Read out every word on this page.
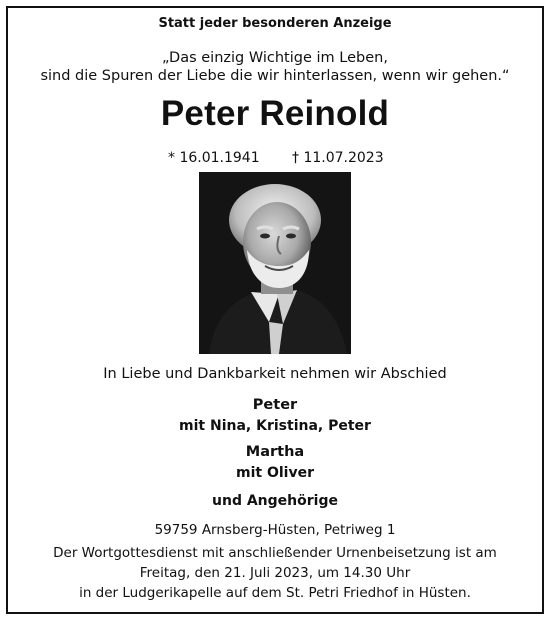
Statt jeder besonderen Anzeige
„Das einzig Wichtige im Leben,
sind die Spuren der Liebe die wir hinterlassen, wenn wir gehen.“
Peter Reinold
* 16.01.1941 † 11.07.2023
In Liebe und Dankbarkeit nehmen wir Abschied
Peter
mit Nina, Kristina, Peter
Martha
mit Oliver
und Angehörige
59759 Arnsberg-Hüsten, Petriweg 1
Der Wortgottesdienst mit anschließender Urnenbeisetzung ist am
Freitag, den 21. Juli 2023, um 14.30 Uhr
in der Ludgerikapelle auf dem St. Petri Friedhof in Hüsten.
